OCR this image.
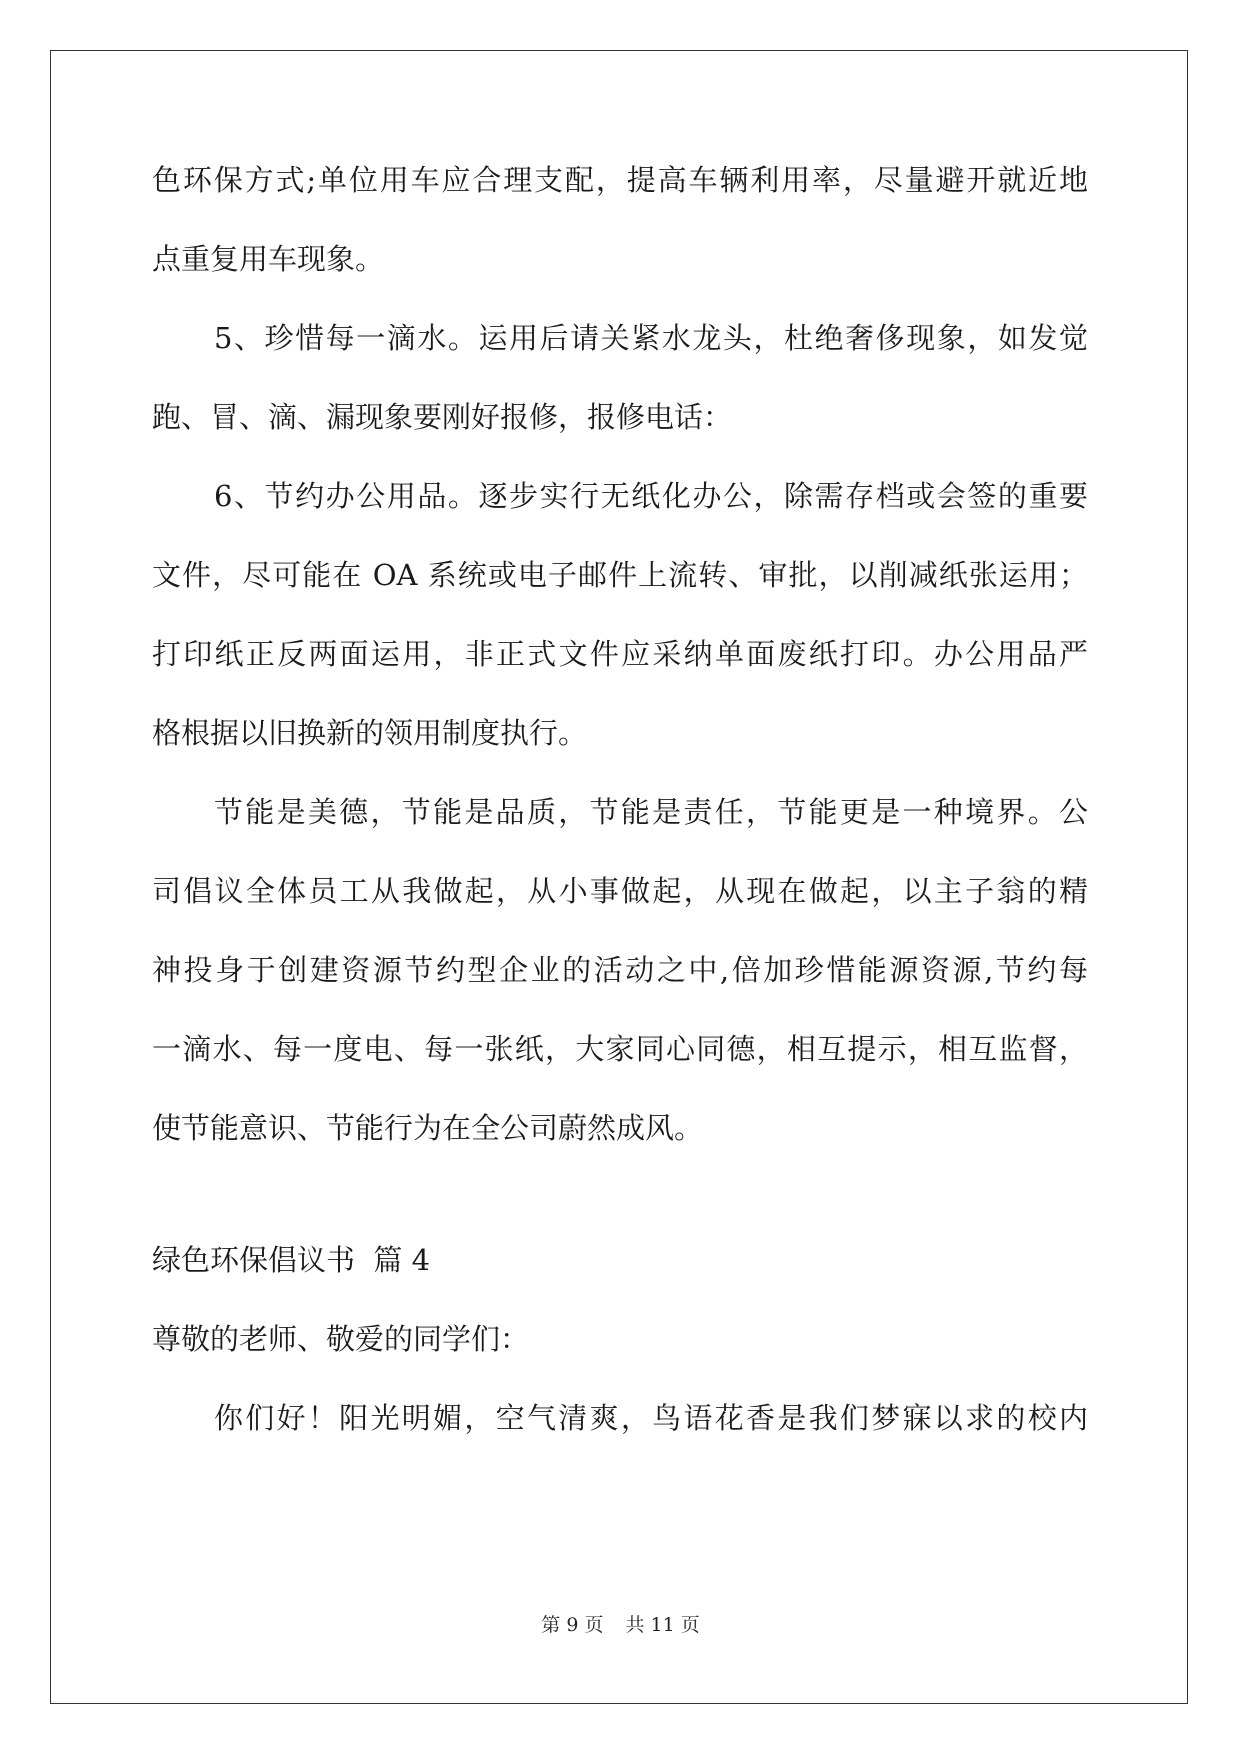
色环保方式;单位用车应合理支配，提高车辆利用率，尽量避开就近地
点重复用车现象。
5、珍惜每一滴水。运用后请关紧水龙头，杜绝奢侈现象，如发觉
跑、冒、滴、漏现象要刚好报修，报修电话：
6、节约办公用品。逐步实行无纸化办公，除需存档或会签的重要
文件，尽可能在 OA 系统或电子邮件上流转、审批，以削减纸张运用；
打印纸正反两面运用，非正式文件应采纳单面废纸打印。办公用品严
格根据以旧换新的领用制度执行。
节能是美德，节能是品质，节能是责任，节能更是一种境界。公
司倡议全体员工从我做起，从小事做起，从现在做起，以主子翁的精
神投身于创建资源节约型企业的活动之中,倍加珍惜能源资源,节约每
一滴水、每一度电、每一张纸，大家同心同德，相互提示，相互监督，
使节能意识、节能行为在全公司蔚然成风。
绿色环保倡议书  篇 4
尊敬的老师、敬爱的同学们：
你们好！阳光明媚，空气清爽，鸟语花香是我们梦寐以求的校内
第 9 页 共 11 页
